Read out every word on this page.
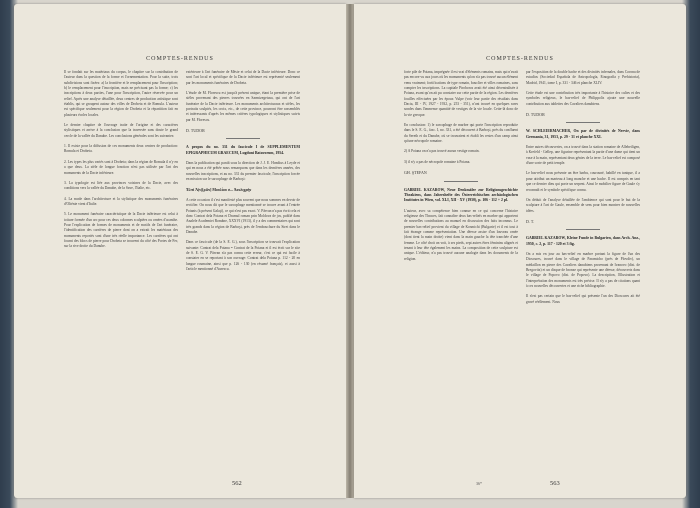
COMPTES-RENDUS

Il se fondait sur les matériaux du corpus, le chapitre sur la contribution de l'auteur dans la question de la forme et l'ornementation. Pour la suite, trois subdivisions sont fixées: a) la frontière et le remplacement pour l'inscription; b) le remplacement pour l'inscription, mais ne précisant pas la forme; c) les inscriptions à deux parties, l'une pour l'inscription, l'autre réservée pour un relief. Après une analyse détaillée, deux centres de production artistique sont établis, qui se groupent autour des villes de Drobeta et de Romula. L'auteur est spécifique seulement pour la région de Drobeta et la répartition fait en plusieurs écoles locales.

Le dernier chapitre de l'ouvrage traite de l'origine et des caractères stylistiques et arrive à la conclusion que la traversée sans doute le grand cercle de la vallée du Danube. Les conclusions générales sont les suivantes:

1. Il existe pour la diffusion de ces monuments deux centres de production: Romula et Drobeta.

2. Les types les plus variés sont à Drobeta; dans la région de Romula il n'y en a que deux. La stèle de longue fonction n'est pas utilisée par l'art des monuments de la Dacie inférieure.

3. La typologie est liée aux provinces voisines de la Dacie, avec des conditions vers la vallée du Danube, de la Save, l'Italie, etc.

4. La mode dans l'architecture et la stylistique des monuments funéraires d'Olténie vient d'Italie.

5. Le monument funéraire caractéristique de la Dacie inférieure est celui à toiture formée d'un arc pour ces deux colonnes sculptées ou ornées d'acanthe. Pour l'explication de formes de monuments et de motifs de l'art funéraire, l'identification des carrières de pierre dont on a extrait les matériaux des monuments reportés sont d'une très réelle importance. Les carrières qui ont fourni des blocs de pierre pour Drobeta se trouvent du côté des Portes de Fer, sur la rive droite du Danube.

extérieure à l'art funéraire de Mésie et celui de la Dacie inférieure. Donc ce sont l'art local et spécifique de la Dacie inférieure est représenté seulement par les monuments funéraires de Drobeta.

L'étude de M. Florescu est jusqu'à présent unique, étant la première prise de stèles provenant des pierres trouvées en Sarmizegetusa, qui ont de l'art funéraire de la Dacie inférieure. Les monuments architecturaux et stèles, les portraits sculptés, les croix, etc., de cette province, pourront être rassemblés et intéressants d'après les mêmes critères typologiques et stylistiques suivis par M. Florescu.

D. TUDOR

A propos du no. 331 du fascicule I de SUPPLEMENTUM EPIGRAPHICUM GRAECUM, Lugduni Batavorum, 1954.

Dans la publication qui paraît sous la direction de J. J. E. Hondius à Leyde et qui en nous a été prêtée nous remarquons que dans les dernières années, des nouvelles inscriptions, et au no. 331 du premier fascicule, l'inscription forcée en mission sur le sarcophage de Barboşi:

Ἑλπὶ Ἀ(ν)[ρῶν] Μουλίου σ... Ἀουλιχρήν

A cette occasion il s'est manifesté plus souvent que nous sommes en devoir de rectifier. On nous dit que le sarcophage mentionné se trouve avant à l'entrée Poianis (à présent Galaţi), ce qui n'est pas exact. V. Pârvan n'a pas écrit cela et donc Contrat dela Poiana et Drumul roman prin Moldova de jos, publié dans Analele Academiei Române, XXXVI (1913), il y a des commentaires qui sont très grands dans la région de Barboşi, près de l'embouchure du Siret dans le Danube.

Dans ce fascicule (de la S. E. G.), sous l'inscription se trouvait l'explication suivante: Contrat dela Poiana = Contrat de la Poiana et il est écrit sur le site de S. E. G. V. Pârvan n'a pas connu cette erreur, c'est ce qui est facile à constater en se reportant à son ouvrage: Contrat dela Poiana p. 112 - 20 en langue roumaine, ainsi que p. 126 - 130 (en résumé français), et aussi à l'article mentionné d'Aurescu.

562
COMPTES-RENDUS

forte pile de Poiana, imprégnée il est vrai d'éléments romains, mais qui n'avait pas encore vu aux jours où les monuments qu'on n'a pas trouvé aucun élément venu vraiment; fortifications de type romain, bouclier et villes romaines, sans compter les inscriptions. La capitale Piroboros avait été ainsi décentralisée à Poiana, avant qu'on ait pu constater sur cette partie de la région. Les dernières fouilles effectuées par les époux Vulpe (voir leur partie des résultats dans Dacia, III - IV, 1927 - 1932, p. 253 - 351), n'ont trouvé en quelques rares sondes dans l'immense quantité de vestiges de la vie locale. Cette-là donc de la vie grecque.

En conclusion: 1) le sarcophage de marbre qui porte l'inscription reproduite dans le S. E. G., fasc. I, no. 331, a été découvert à Barboşi, près du confluent du Sereth et du Danube, où se trouvaient et établi les restes d'un camp ainsi qu'une nécropole romaine.

2) A Poiana on n'a pas trouvé aucun vestige romain.

3) il n'y a pas de nécropole romaine à Poiana.

GH. ŞTEFAN

GABRIEL KAZAROW, Neue Denkmäler zur Religionsgeschichte Thrakiens, dans Jahreshefte des Österreichischen archäologischen Institutes in Wien, vol. XLI, XII - XV (1950), p. 106 - 112 + 2 pl.

L'auteur, avec sa compétence bien connue en ce qui concerne l'histoire religieuse des Thraces, fait connaître deux bas-reliefs en marbre qui apportent de nouvelles contributions au manuel en discussion des faits inconnus. Le premier bas-relief provient du village de Kosmichi (Bulgarie) et il est tout à fait étrange comme représentation. Une déesse assise d'un louveau ornée (dont tient la main droite) vient dans la main gauche la tête tranchée d'une femme. Le côté droit on voit, à ses pieds, sept autres êtres féminins alignés et tenant à leur tête également les mains. La composition de cette sculpture est unique. L'éditeur, n'a pas trouvé aucune analogie dans les documents de la religion.

par l'exposition de la double hache et des divinités infernales, dans Corona de estudios (Sociedad Española de Antropología, Etnografía y Prehistoria), Madrid, 1941, tome I, p. 331 - 346 et planche XLIV.

Cette étude est une contribution très importante à l'histoire des cultes et des symboles religieux, le bas-relief de Philippolis ajoute une nouvelle contribution aux tablettes des Cavaliers danubiens.

D. TUDOR

W. SCHLEIERMACHER, On par de divinités de Nervie, dans Germania, 31, 1953, p. 29 - 31 et planche XXI.

Entre autres découvertes, on a trouvé dans la station romaine de Alleheiligen, à Krefeld - Gellep, une figurine représentant la partie d'une dame qui tient un vase à la main, représentant deux génies de la terre. Le bas-relief est composé d'une sorte de petit temple.

Le bas-relief nous présente un être barbu, courouné, habillé en tunique, il a pour attribut un marteau à long manche et une hache. Il est compris en tant que ce dernier dieu qui porte un serpent. Ainsi le mobilier figure de Gaule s'y reconnaît et le symbole spécifique connu.

On déduit de l'analyse détaillée de l'ambience qui sont pour le but de la sculpture à l'art de Gaule, ensemble de sens pour bien montrer de nouvelles idées.

D. T.

GABRIEL KAZAROW, Kleine Funde in Bulgarien, dans Arch. Anz., 1950, c. 2, p. 117 - 120 et 3 fig.

On a mis en jour au bas-relief en marbre portant la figure de l'un des Dioscures, trouvé dans le village de Paramicho (près de Plovdiv), un médaillon en pierre des Cavaliers danubiens provenant de Ivanovo (dist. de Bregovitz) et un disque de bronze qui représente une déesse, découverts dans le village de Popovo (dist. de Popovo). La description, l'illustration et l'interprétation des monuments est très précise. Il n'y a pas de citations quant à ces nouvelles découvertes et une riche bibliographie.

Il n'est pas certain que le bas-relief qui présente l'un des Dioscures ait été gravé réellement. Nous

36*	563
